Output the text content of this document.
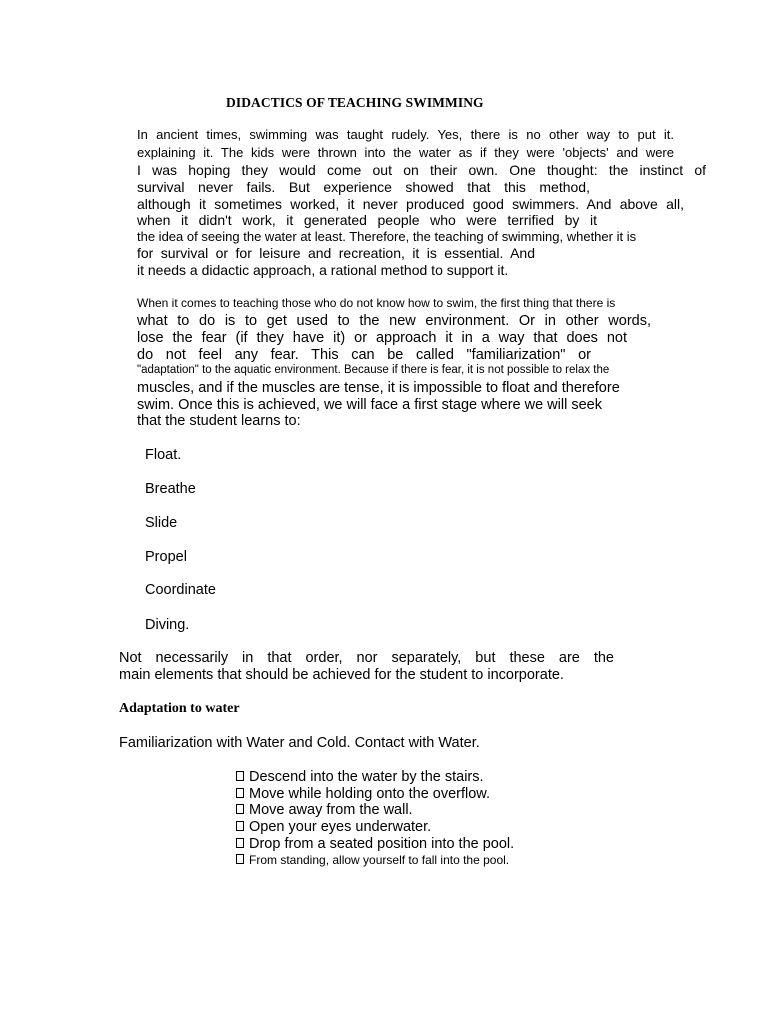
DIDACTICS OF TEACHING SWIMMING
In ancient times, swimming was taught rudely. Yes, there is no other way to put it.
explaining it. The kids were thrown into the water as if they were 'objects' and were
I was hoping they would come out on their own. One thought: the instinct of
survival never fails. But experience showed that this method,
although it sometimes worked, it never produced good swimmers. And above all,
when it didn't work, it generated people who were terrified by it
the idea of seeing the water at least. Therefore, the teaching of swimming, whether it is
for survival or for leisure and recreation, it is essential. And
it needs a didactic approach, a rational method to support it.
When it comes to teaching those who do not know how to swim, the first thing that there is
what to do is to get used to the new environment. Or in other words,
lose the fear (if they have it) or approach it in a way that does not
do not feel any fear. This can be called "familiarization" or
"adaptation" to the aquatic environment. Because if there is fear, it is not possible to relax the
muscles, and if the muscles are tense, it is impossible to float and therefore
swim. Once this is achieved, we will face a first stage where we will seek
that the student learns to:
Float.
Breathe
Slide
Propel
Coordinate
Diving.
Not necessarily in that order, nor separately, but these are the
main elements that should be achieved for the student to incorporate.
Adaptation to water
Familiarization with Water and Cold. Contact with Water.
Descend into the water by the stairs.
Move while holding onto the overflow.
Move away from the wall.
Open your eyes underwater.
Drop from a seated position into the pool.
From standing, allow yourself to fall into the pool.
